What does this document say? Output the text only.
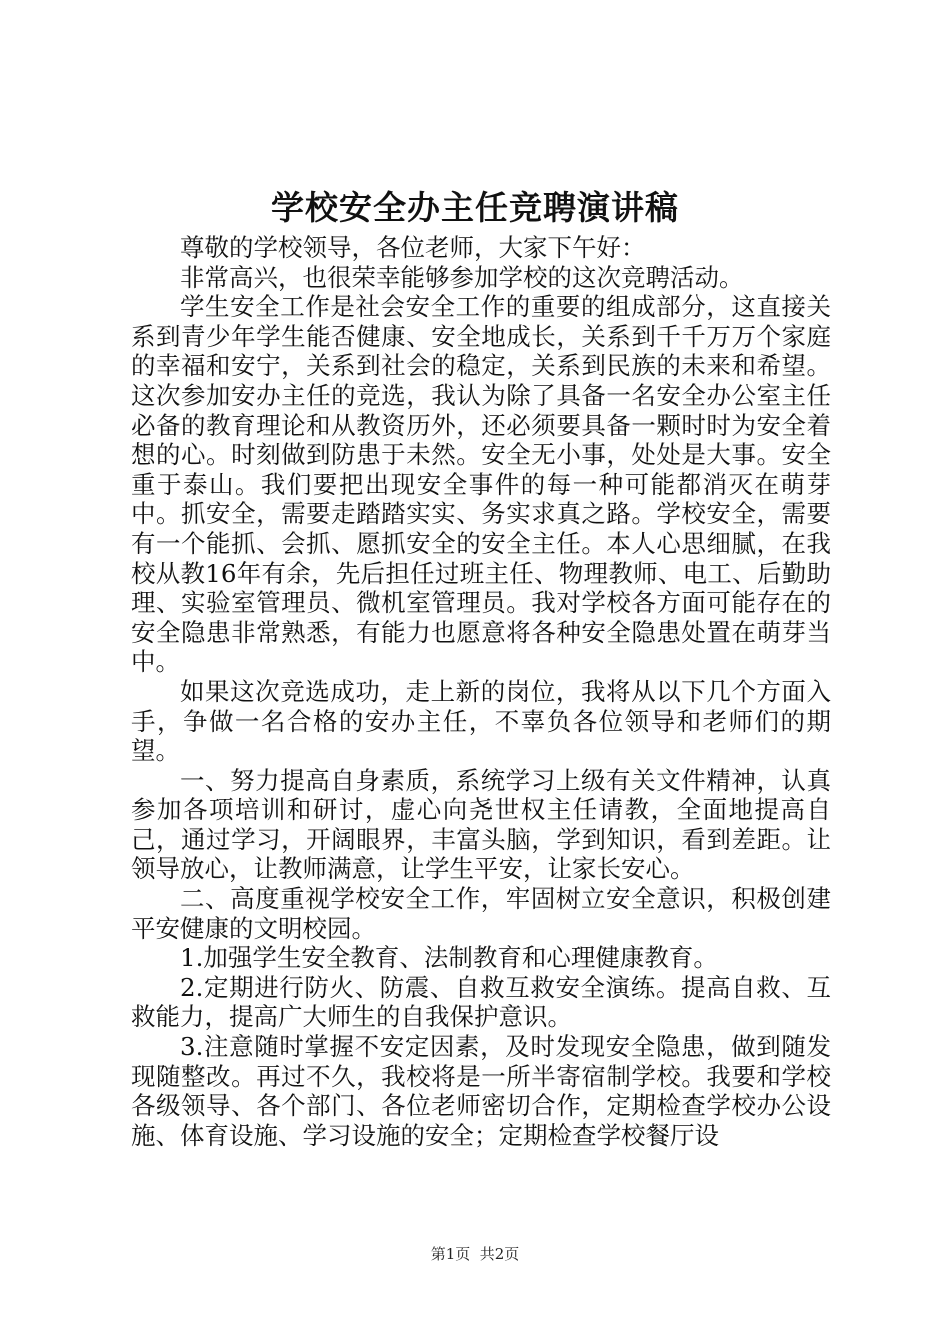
学校安全办主任竞聘演讲稿

尊敬的学校领导，各位老师，大家下午好：

非常高兴，也很荣幸能够参加学校的这次竞聘活动。

学生安全工作是社会安全工作的重要的组成部分，这直接关系到青少年学生能否健康、安全地成长，关系到千千万万个家庭的幸福和安宁，关系到社会的稳定，关系到民族的未来和希望。这次参加安办主任的竞选，我认为除了具备一名安全办公室主任必备的教育理论和从教资历外，还必须要具备一颗时时为安全着想的心。时刻做到防患于未然。安全无小事，处处是大事。安全重于泰山。我们要把出现安全事件的每一种可能都消灭在萌芽中。抓安全，需要走踏踏实实、务实求真之路。学校安全，需要有一个能抓、会抓、愿抓安全的安全主任。本人心思细腻，在我校从教16年有余，先后担任过班主任、物理教师、电工、后勤助理、实验室管理员、微机室管理员。我对学校各方面可能存在的安全隐患非常熟悉，有能力也愿意将各种安全隐患处置在萌芽当中。

如果这次竞选成功，走上新的岗位，我将从以下几个方面入手，争做一名合格的安办主任，不辜负各位领导和老师们的期望。

一、努力提高自身素质，系统学习上级有关文件精神，认真参加各项培训和研讨，虚心向尧世权主任请教，全面地提高自己，通过学习，开阔眼界，丰富头脑，学到知识，看到差距。让领导放心，让教师满意，让学生平安，让家长安心。

二、高度重视学校安全工作，牢固树立安全意识，积极创建平安健康的文明校园。

1.加强学生安全教育、法制教育和心理健康教育。

2.定期进行防火、防震、自救互救安全演练。提高自救、互救能力，提高广大师生的自我保护意识。

3.注意随时掌握不安定因素，及时发现安全隐患，做到随发现随整改。再过不久，我校将是一所半寄宿制学校。我要和学校各级领导、各个部门、各位老师密切合作，定期检查学校办公设施、体育设施、学习设施的安全；定期检查学校餐厅设

第1页  共2页
